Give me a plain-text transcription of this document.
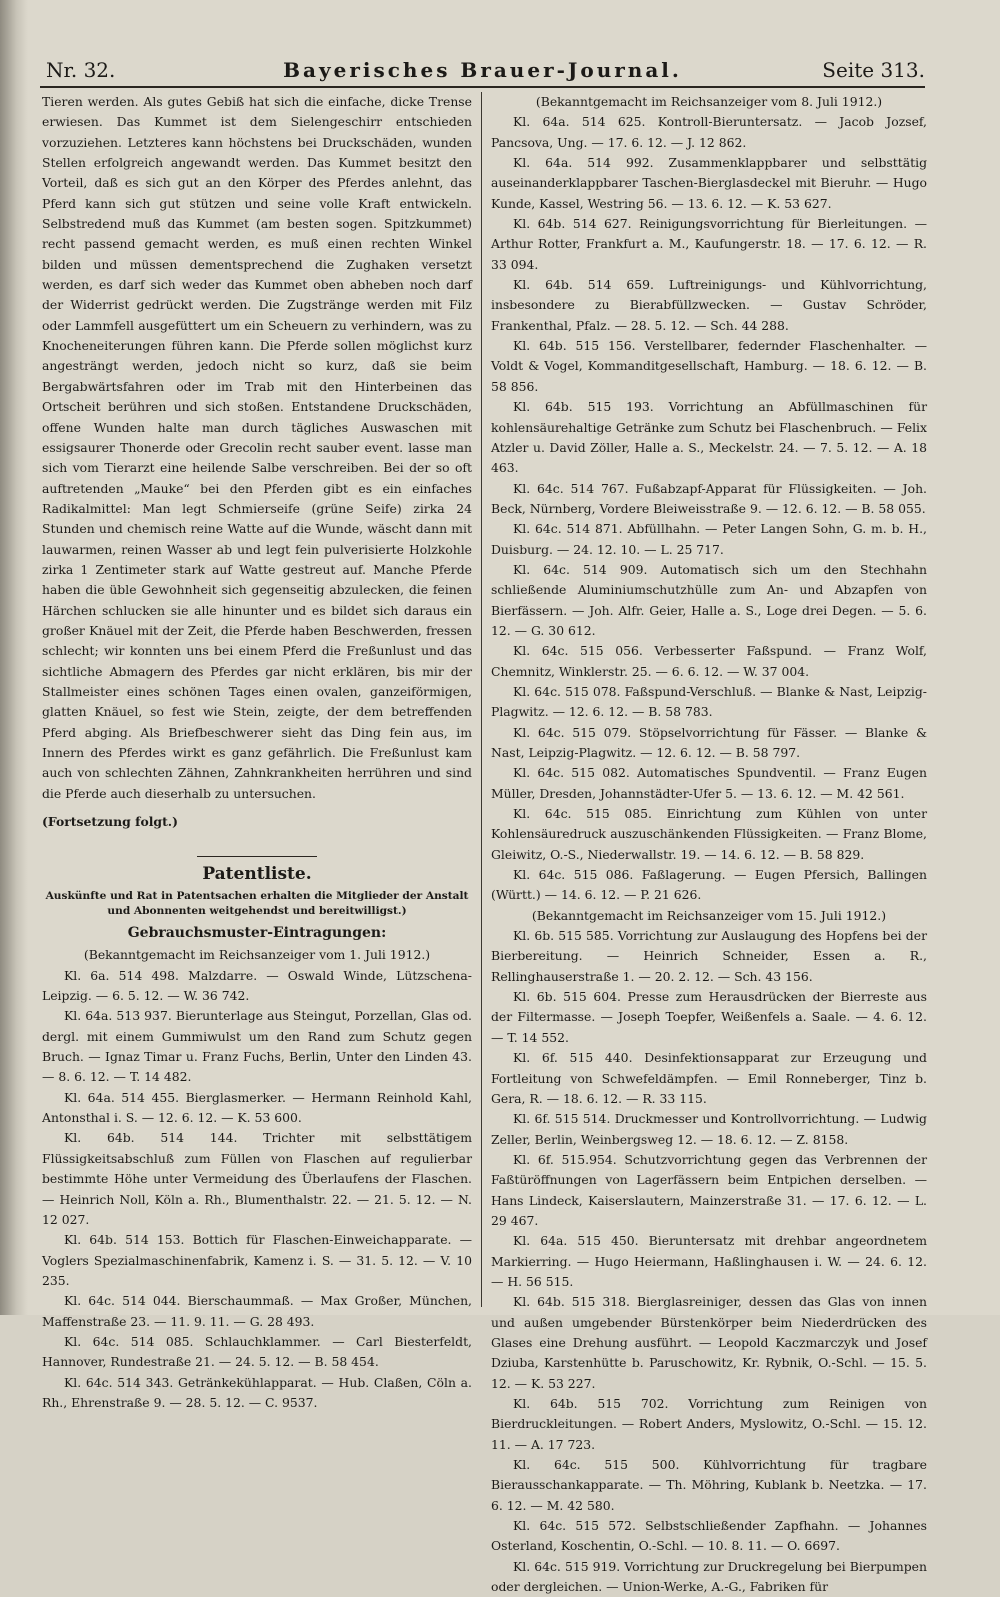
Nr. 32.	Bayerisches Brauer-Journal.	Seite 313.

Tieren werden. Als gutes Gebiß hat sich die einfache, dicke Trense erwiesen. Das Kummet ist dem Sielengeschirr entschieden vorzuziehen. Letzteres kann höchstens bei Druckschäden, wunden Stellen erfolgreich angewandt werden. Das Kummet besitzt den Vorteil, daß es sich gut an den Körper des Pferdes anlehnt, das Pferd kann sich gut stützen und seine volle Kraft entwickeln. Selbstredend muß das Kummet (am besten sogen. Spitzkummet) recht passend gemacht werden, es muß einen rechten Winkel bilden und müssen dementsprechend die Zughaken versetzt werden, es darf sich weder das Kummet oben abheben noch darf der Widerrist gedrückt werden. Die Zugstränge werden mit Filz oder Lammfell ausgefüttert um ein Scheuern zu verhindern, was zu Knocheneiterungen führen kann. Die Pferde sollen möglichst kurz angesträngt werden, jedoch nicht so kurz, daß sie beim Bergabwärtsfahren oder im Trab mit den Hinterbeinen das Ortscheit berühren und sich stoßen. Entstandene Druckschäden, offene Wunden halte man durch tägliches Auswaschen mit essigsaurer Thonerde oder Grecolin recht sauber event. lasse man sich vom Tierarzt eine heilende Salbe verschreiben. Bei der so oft auftretenden „Mauke“ bei den Pferden gibt es ein einfaches Radikalmittel: Man legt Schmierseife (grüne Seife) zirka 24 Stunden und chemisch reine Watte auf die Wunde, wäscht dann mit lauwarmen, reinen Wasser ab und legt fein pulverisierte Holzkohle zirka 1 Zentimeter stark auf Watte gestreut auf. Manche Pferde haben die üble Gewohnheit sich gegenseitig abzulecken, die feinen Härchen schlucken sie alle hinunter und es bildet sich daraus ein großer Knäuel mit der Zeit, die Pferde haben Beschwerden, fressen schlecht; wir konnten uns bei einem Pferd die Freßunlust und das sichtliche Abmagern des Pferdes gar nicht erklären, bis mir der Stallmeister eines schönen Tages einen ovalen, ganzeiförmigen, glatten Knäuel, so fest wie Stein, zeigte, der dem betreffenden Pferd abging. Als Briefbeschwerer sieht das Ding fein aus, im Innern des Pferdes wirkt es ganz gefährlich. Die Freßunlust kam auch von schlechten Zähnen, Zahnkrankheiten herrühren und sind die Pferde auch dieserhalb zu untersuchen.

(Fortsetzung folgt.)

Patentliste.

Auskünfte und Rat in Patentsachen erhalten die Mitglieder der Anstalt und Abonnenten weitgehendst und bereitwilligst.)

Gebrauchsmuster-Eintragungen:

(Bekanntgemacht im Reichsanzeiger vom 1. Juli 1912.)

Kl. 6a. 514 498. Malzdarre. — Oswald Winde, Lützschena-Leipzig. — 6. 5. 12. — W. 36 742.

Kl. 64a. 513 937. Bierunterlage aus Steingut, Porzellan, Glas od. dergl. mit einem Gummiwulst um den Rand zum Schutz gegen Bruch. — Ignaz Timar u. Franz Fuchs, Berlin, Unter den Linden 43. — 8. 6. 12. — T. 14 482.

Kl. 64a. 514 455. Bierglasmerker. — Hermann Reinhold Kahl, Antonsthal i. S. — 12. 6. 12. — K. 53 600.

Kl. 64b. 514 144. Trichter mit selbsttätigem Flüssigkeitsabschluß zum Füllen von Flaschen auf regulierbar bestimmte Höhe unter Vermeidung des Überlaufens der Flaschen. — Heinrich Noll, Köln a. Rh., Blumenthalstr. 22. — 21. 5. 12. — N. 12 027.

Kl. 64b. 514 153. Bottich für Flaschen-Einweichapparate. — Voglers Spezialmaschinenfabrik, Kamenz i. S. — 31. 5. 12. — V. 10 235.

Kl. 64c. 514 044. Bierschaummaß. — Max Großer, München, Maffenstraße 23. — 11. 9. 11. — G. 28 493.

Kl. 64c. 514 085. Schlauchklammer. — Carl Biesterfeldt, Hannover, Rundestraße 21. — 24. 5. 12. — B. 58 454.

Kl. 64c. 514 343. Getränkekühlapparat. — Hub. Claßen, Cöln a. Rh., Ehrenstraße 9. — 28. 5. 12. — C. 9537.

(Bekanntgemacht im Reichsanzeiger vom 8. Juli 1912.)

Kl. 64a. 514 625. Kontroll-Bieruntersatz. — Jacob Jozsef, Pancsova, Ung. — 17. 6. 12. — J. 12 862.

Kl. 64a. 514 992. Zusammenklappbarer und selbsttätig auseinanderklappbarer Taschen-Bierglasdeckel mit Bieruhr. — Hugo Kunde, Kassel, Westring 56. — 13. 6. 12. — K. 53 627.

Kl. 64b. 514 627. Reinigungsvorrichtung für Bierleitungen. — Arthur Rotter, Frankfurt a. M., Kaufungerstr. 18. — 17. 6. 12. — R. 33 094.

Kl. 64b. 514 659. Luftreinigungs- und Kühlvorrichtung, insbesondere zu Bierabfüllzwecken. — Gustav Schröder, Frankenthal, Pfalz. — 28. 5. 12. — Sch. 44 288.

Kl. 64b. 515 156. Verstellbarer, federnder Flaschenhalter. — Voldt & Vogel, Kommanditgesellschaft, Hamburg. — 18. 6. 12. — B. 58 856.

Kl. 64b. 515 193. Vorrichtung an Abfüllmaschinen für kohlensäurehaltige Getränke zum Schutz bei Flaschenbruch. — Felix Atzler u. David Zöller, Halle a. S., Meckelstr. 24. — 7. 5. 12. — A. 18 463.

Kl. 64c. 514 767. Fußabzapf-Apparat für Flüssigkeiten. — Joh. Beck, Nürnberg, Vordere Bleiweisstraße 9. — 12. 6. 12. — B. 58 055.

Kl. 64c. 514 871. Abfüllhahn. — Peter Langen Sohn, G. m. b. H., Duisburg. — 24. 12. 10. — L. 25 717.

Kl. 64c. 514 909. Automatisch sich um den Stechhahn schließende Aluminiumschutzhülle zum An- und Abzapfen von Bierfässern. — Joh. Alfr. Geier, Halle a. S., Loge drei Degen. — 5. 6. 12. — G. 30 612.

Kl. 64c. 515 056. Verbesserter Faßspund. — Franz Wolf, Chemnitz, Winklerstr. 25. — 6. 6. 12. — W. 37 004.

Kl. 64c. 515 078. Faßspund-Verschluß. — Blanke & Nast, Leipzig-Plagwitz. — 12. 6. 12. — B. 58 783.

Kl. 64c. 515 079. Stöpselvorrichtung für Fässer. — Blanke & Nast, Leipzig-Plagwitz. — 12. 6. 12. — B. 58 797.

Kl. 64c. 515 082. Automatisches Spundventil. — Franz Eugen Müller, Dresden, Johannstädter-Ufer 5. — 13. 6. 12. — M. 42 561.

Kl. 64c. 515 085. Einrichtung zum Kühlen von unter Kohlensäuredruck auszuschänkenden Flüssigkeiten. — Franz Blome, Gleiwitz, O.-S., Niederwallstr. 19. — 14. 6. 12. — B. 58 829.

Kl. 64c. 515 086. Faßlagerung. — Eugen Pfersich, Ballingen (Württ.) — 14. 6. 12. — P. 21 626.

(Bekanntgemacht im Reichsanzeiger vom 15. Juli 1912.)

Kl. 6b. 515 585. Vorrichtung zur Auslaugung des Hopfens bei der Bierbereitung. — Heinrich Schneider, Essen a. R., Rellinghauserstraße 1. — 20. 2. 12. — Sch. 43 156.

Kl. 6b. 515 604. Presse zum Herausdrücken der Bierreste aus der Filtermasse. — Joseph Toepfer, Weißenfels a. Saale. — 4. 6. 12. — T. 14 552.

Kl. 6f. 515 440. Desinfektionsapparat zur Erzeugung und Fortleitung von Schwefeldämpfen. — Emil Ronneberger, Tinz b. Gera, R. — 18. 6. 12. — R. 33 115.

Kl. 6f. 515 514. Druckmesser und Kontrollvorrichtung. — Ludwig Zeller, Berlin, Weinbergsweg 12. — 18. 6. 12. — Z. 8158.

Kl. 6f. 515.954. Schutzvorrichtung gegen das Verbrennen der Faßtüröffnungen von Lagerfässern beim Entpichen derselben. — Hans Lindeck, Kaiserslautern, Mainzerstraße 31. — 17. 6. 12. — L. 29 467.

Kl. 64a. 515 450. Bieruntersatz mit drehbar angeordnetem Markierring. — Hugo Heiermann, Haßlinghausen i. W. — 24. 6. 12. — H. 56 515.

Kl. 64b. 515 318. Bierglasreiniger, dessen das Glas von innen und außen umgebender Bürstenkörper beim Niederdrücken des Glases eine Drehung ausführt. — Leopold Kaczmarczyk und Josef Dziuba, Karstenhütte b. Paruschowitz, Kr. Rybnik, O.-Schl. — 15. 5. 12. — K. 53 227.

Kl. 64b. 515 702. Vorrichtung zum Reinigen von Bierdruckleitungen. — Robert Anders, Myslowitz, O.-Schl. — 15. 12. 11. — A. 17 723.

Kl. 64c. 515 500. Kühlvorrichtung für tragbare Bierausschankapparate. — Th. Möhring, Kublank b. Neetzka. — 17. 6. 12. — M. 42 580.

Kl. 64c. 515 572. Selbstschließender Zapfhahn. — Johannes Osterland, Koschentin, O.-Schl. — 10. 8. 11. — O. 6697.

Kl. 64c. 515 919. Vorrichtung zur Druckregelung bei Bierpumpen oder dergleichen. — Union-Werke, A.-G., Fabriken für
